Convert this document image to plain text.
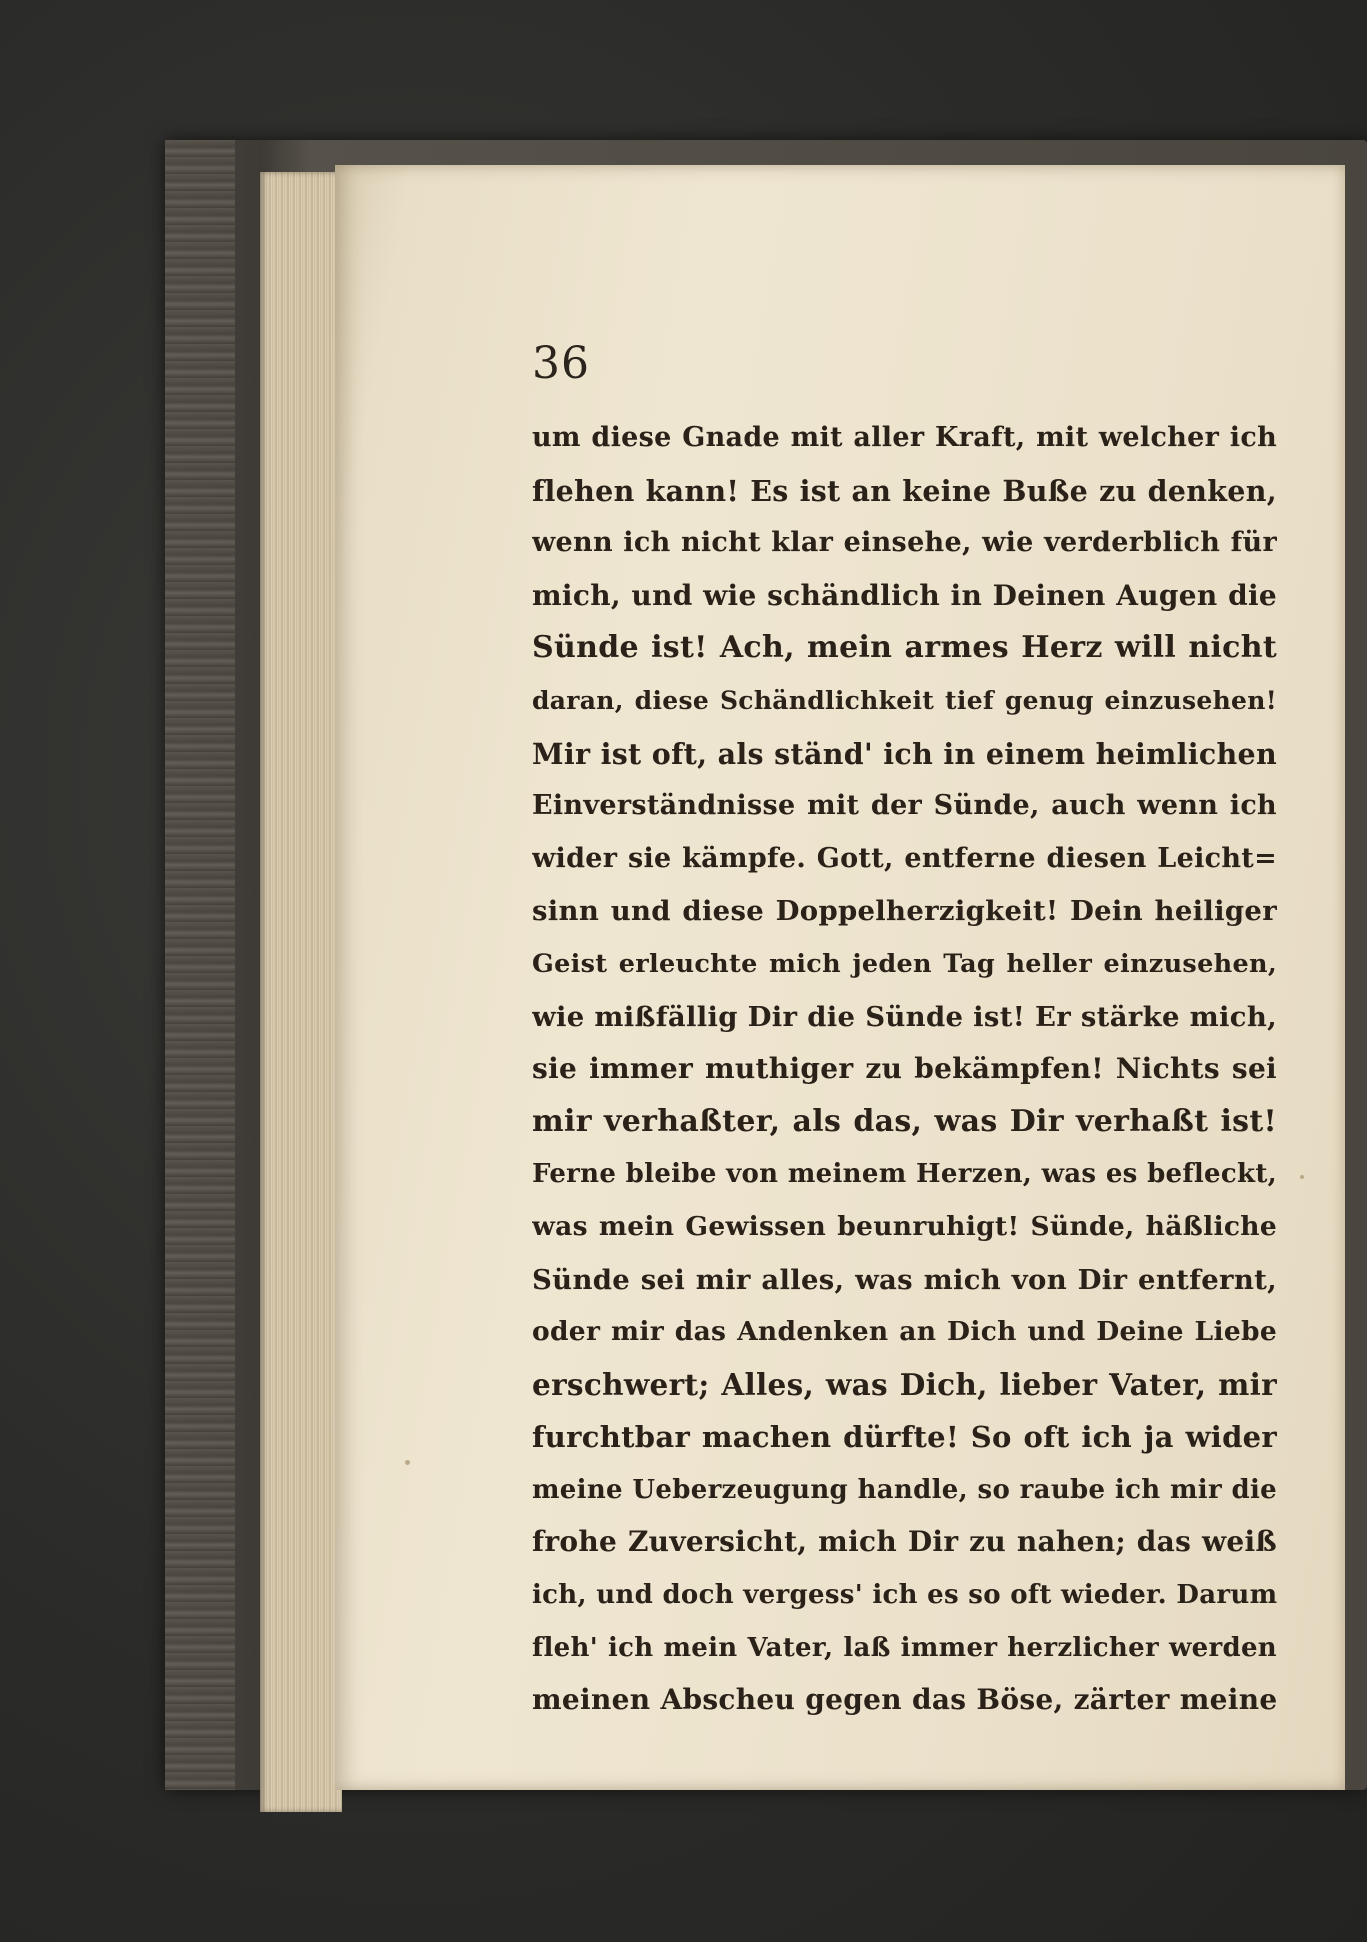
36

um diese Gnade mit aller Kraft, mit welcher ich
flehen kann! Es ist an keine Buße zu denken,
wenn ich nicht klar einsehe, wie verderblich für
mich, und wie schändlich in Deinen Augen die
Sünde ist! Ach, mein armes Herz will nicht
daran, diese Schändlichkeit tief genug einzusehen!
Mir ist oft, als ständ' ich in einem heimlichen
Einverständnisse mit der Sünde, auch wenn ich
wider sie kämpfe. Gott, entferne diesen Leicht=
sinn und diese Doppelherzigkeit! Dein heiliger
Geist erleuchte mich jeden Tag heller einzusehen,
wie mißfällig Dir die Sünde ist! Er stärke mich,
sie immer muthiger zu bekämpfen! Nichts sei
mir verhaßter, als das, was Dir verhaßt ist!
Ferne bleibe von meinem Herzen, was es befleckt,
was mein Gewissen beunruhigt! Sünde, häßliche
Sünde sei mir alles, was mich von Dir entfernt,
oder mir das Andenken an Dich und Deine Liebe
erschwert; Alles, was Dich, lieber Vater, mir
furchtbar machen dürfte! So oft ich ja wider
meine Ueberzeugung handle, so raube ich mir die
frohe Zuversicht, mich Dir zu nahen; das weiß
ich, und doch vergess' ich es so oft wieder. Darum
fleh' ich mein Vater, laß immer herzlicher werden
meinen Abscheu gegen das Böse, zärter meine
